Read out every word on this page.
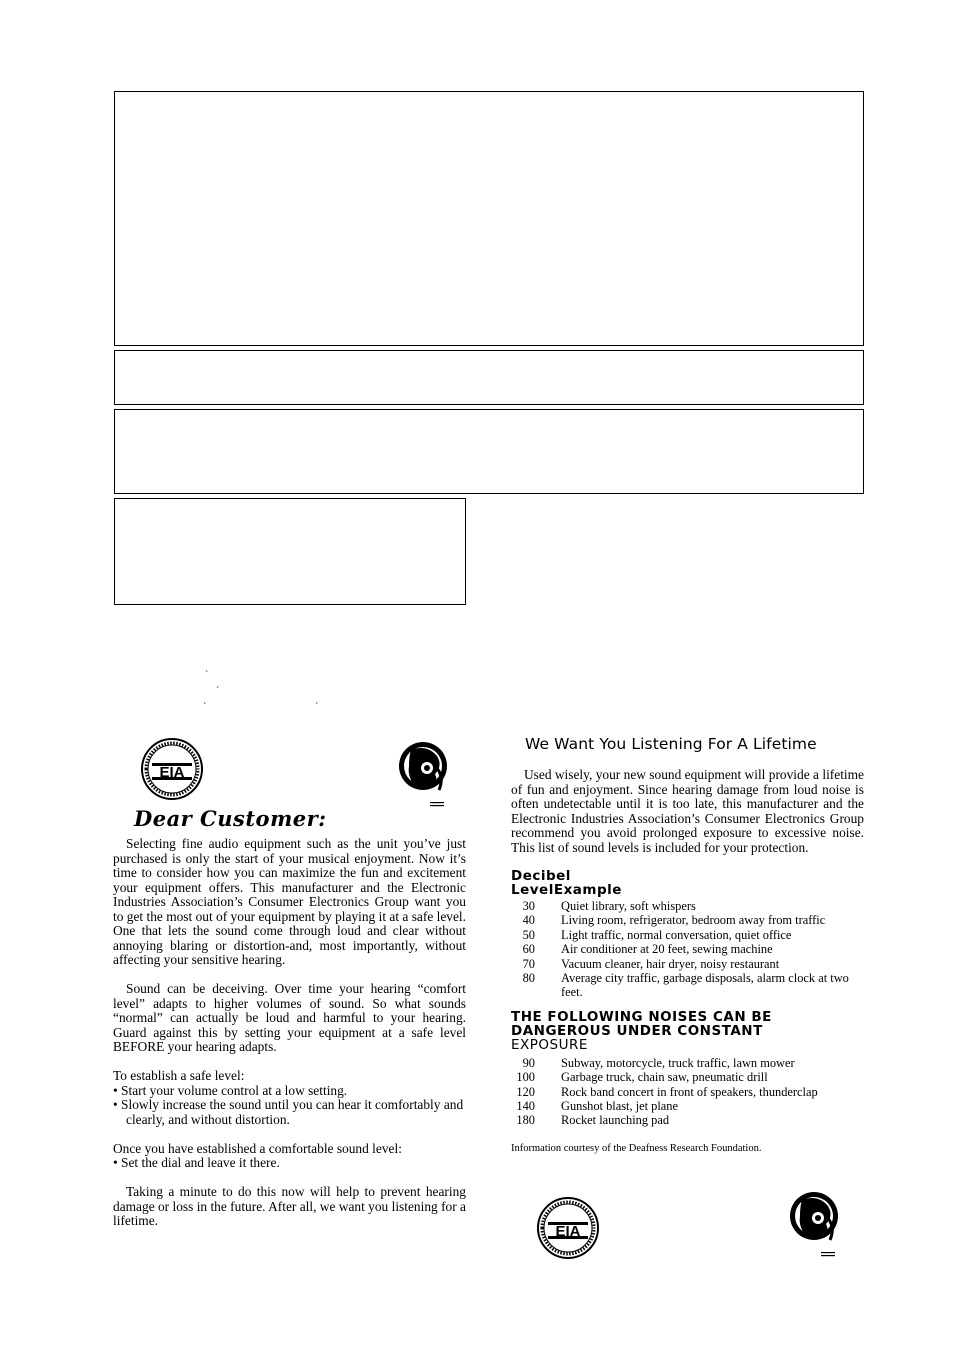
`
´
`	´
EIA
Dear Customer:

Selecting fine audio equipment such as the unit you’ve just purchased is only the start of your musical enjoyment. Now it’s time to consider how you can maximize the fun and excitement your equipment offers. This manufacturer and the Electronic Industries Association’s Consumer Electronics Group want you to get the most out of your equipment by playing it at a safe level. One that lets the sound come through loud and clear without annoying blaring or distortion-and, most importantly, without affecting your sensitive hearing.

Sound can be deceiving. Over time your hearing “comfort level” adapts to higher volumes of sound. So what sounds “normal” can actually be loud and harmful to your hearing. Guard against this by setting your equipment at a safe level BEFORE your hearing adapts.

To establish a safe level:

• Start your volume control at a low setting.
• Slowly increase the sound until you can hear it comfortably and clearly, and without distortion.

Once you have established a comfortable sound level:

• Set the dial and leave it there.

Taking a minute to do this now will help to prevent hearing damage or loss in the future. After all, we want you listening for a lifetime.

We Want You Listening For A Lifetime

Used wisely, your new sound equipment will provide a lifetime of fun and enjoyment. Since hearing damage from loud noise is often undetectable until it is too late, this manufacturer and the Electronic Industries Association’s Consumer Electronics Group recommend you avoid prolonged exposure to excessive noise. This list of sound levels is included for your protection.

Decibel
LevelExample
30 Quiet library, soft whispers
40 Living room, refrigerator, bedroom away from traffic
50 Light traffic, normal conversation, quiet office
60 Air conditioner at 20 feet, sewing machine
70 Vacuum cleaner, hair dryer, noisy restaurant
80 Average city traffic, garbage disposals, alarm clock at two feet.
THE FOLLOWING NOISES CAN BE
DANGEROUS UNDER CONSTANT
EXPOSURE
90 Subway, motorcycle, truck traffic, lawn mower
100 Garbage truck, chain saw, pneumatic drill
120 Rock band concert in front of speakers, thunderclap
140 Gunshot blast, jet plane
180 Rocket launching pad
Information courtesy of the Deafness Research Foundation.
EIA
